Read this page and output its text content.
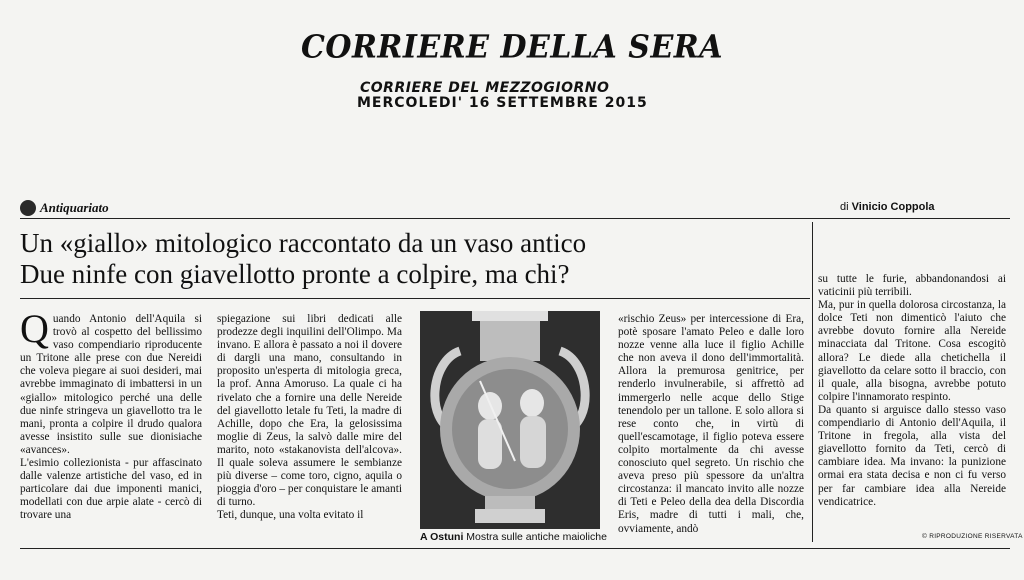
CORRIERE DELLA SERA
CORRIERE DEL MEZZOGIORNO
MERCOLEDI' 16 SETTEMBRE 2015
Antiquariato	di Vinicio Coppola
Un «giallo» mitologico raccontato da un vaso antico
Due ninfe con giavellotto pronte a colpire, ma chi?
Q uando Antonio dell'Aquila si trovò al cospetto del bellissimo vaso compendiario riproducente un Tritone alle prese con due Nereidi che voleva piegare ai suoi desideri, mai avrebbe immaginato di imbattersi in un «giallo» mitologico perché una delle due ninfe stringeva un giavellotto tra le mani, pronta a colpire il drudo qualora avesse insistito sulle sue dionisiache «avances».

L'esimio collezionista - pur affascinato dalle valenze artistiche del vaso, ed in particolare dai due imponenti manici, modellati con due arpie alate - cercò di trovare una

spiegazione sui libri dedicati alle prodezze degli inquilini dell'Olimpo. Ma invano. E allora è passato a noi il dovere di dargli una mano, consultando in proposito un'esperta di mitologia greca, la prof. Anna Amoruso. La quale ci ha rivelato che a fornire una delle Nereide del giavellotto letale fu Teti, la madre di Achille, dopo che Era, la gelosissima moglie di Zeus, la salvò dalle mire del marito, noto «stakanovista dell'alcova». Il quale soleva assumere le sembianze più diverse – come toro, cigno, aquila o pioggia d'oro – per conquistare le amanti di turno.

Teti, dunque, una volta evitato il

A Ostuni Mostra sulle antiche maioliche

«rischio Zeus» per intercessione di Era, potè sposare l'amato Peleo e dalle loro nozze venne alla luce il figlio Achille che non aveva il dono dell'immortalità. Allora la premurosa genitrice, per renderlo invulnerabile, si affrettò ad immergerlo nelle acque dello Stige tenendolo per un tallone. E solo allora si rese conto che, in virtù di quell'escamotage, il figlio poteva essere colpito mortalmente da chi avesse conosciuto quel segreto. Un rischio che aveva preso più spessore da un'altra circostanza: il mancato invito alle nozze di Teti e Peleo della dea della Discordia Eris, madre di tutti i mali, che, ovviamente, andò

su tutte le furie, abbandonandosi ai vaticinii più terribili.

Ma, pur in quella dolorosa circostanza, la dolce Teti non dimenticò l'aiuto che avrebbe dovuto fornire alla Nereide minacciata dal Tritone. Cosa escogitò allora? Le diede alla chetichella il giavellotto da celare sotto il braccio, con il quale, alla bisogna, avrebbe potuto colpire l'innamorato respinto.

Da quanto si arguisce dallo stesso vaso compendiario di Antonio dell'Aquila, il Tritone in fregola, alla vista del giavellotto fornito da Teti, cercò di cambiare idea. Ma invano: la punizione ormai era stata decisa e non ci fu verso per far cambiare idea alla Nereide vendicatrice.

© RIPRODUZIONE RISERVATA
